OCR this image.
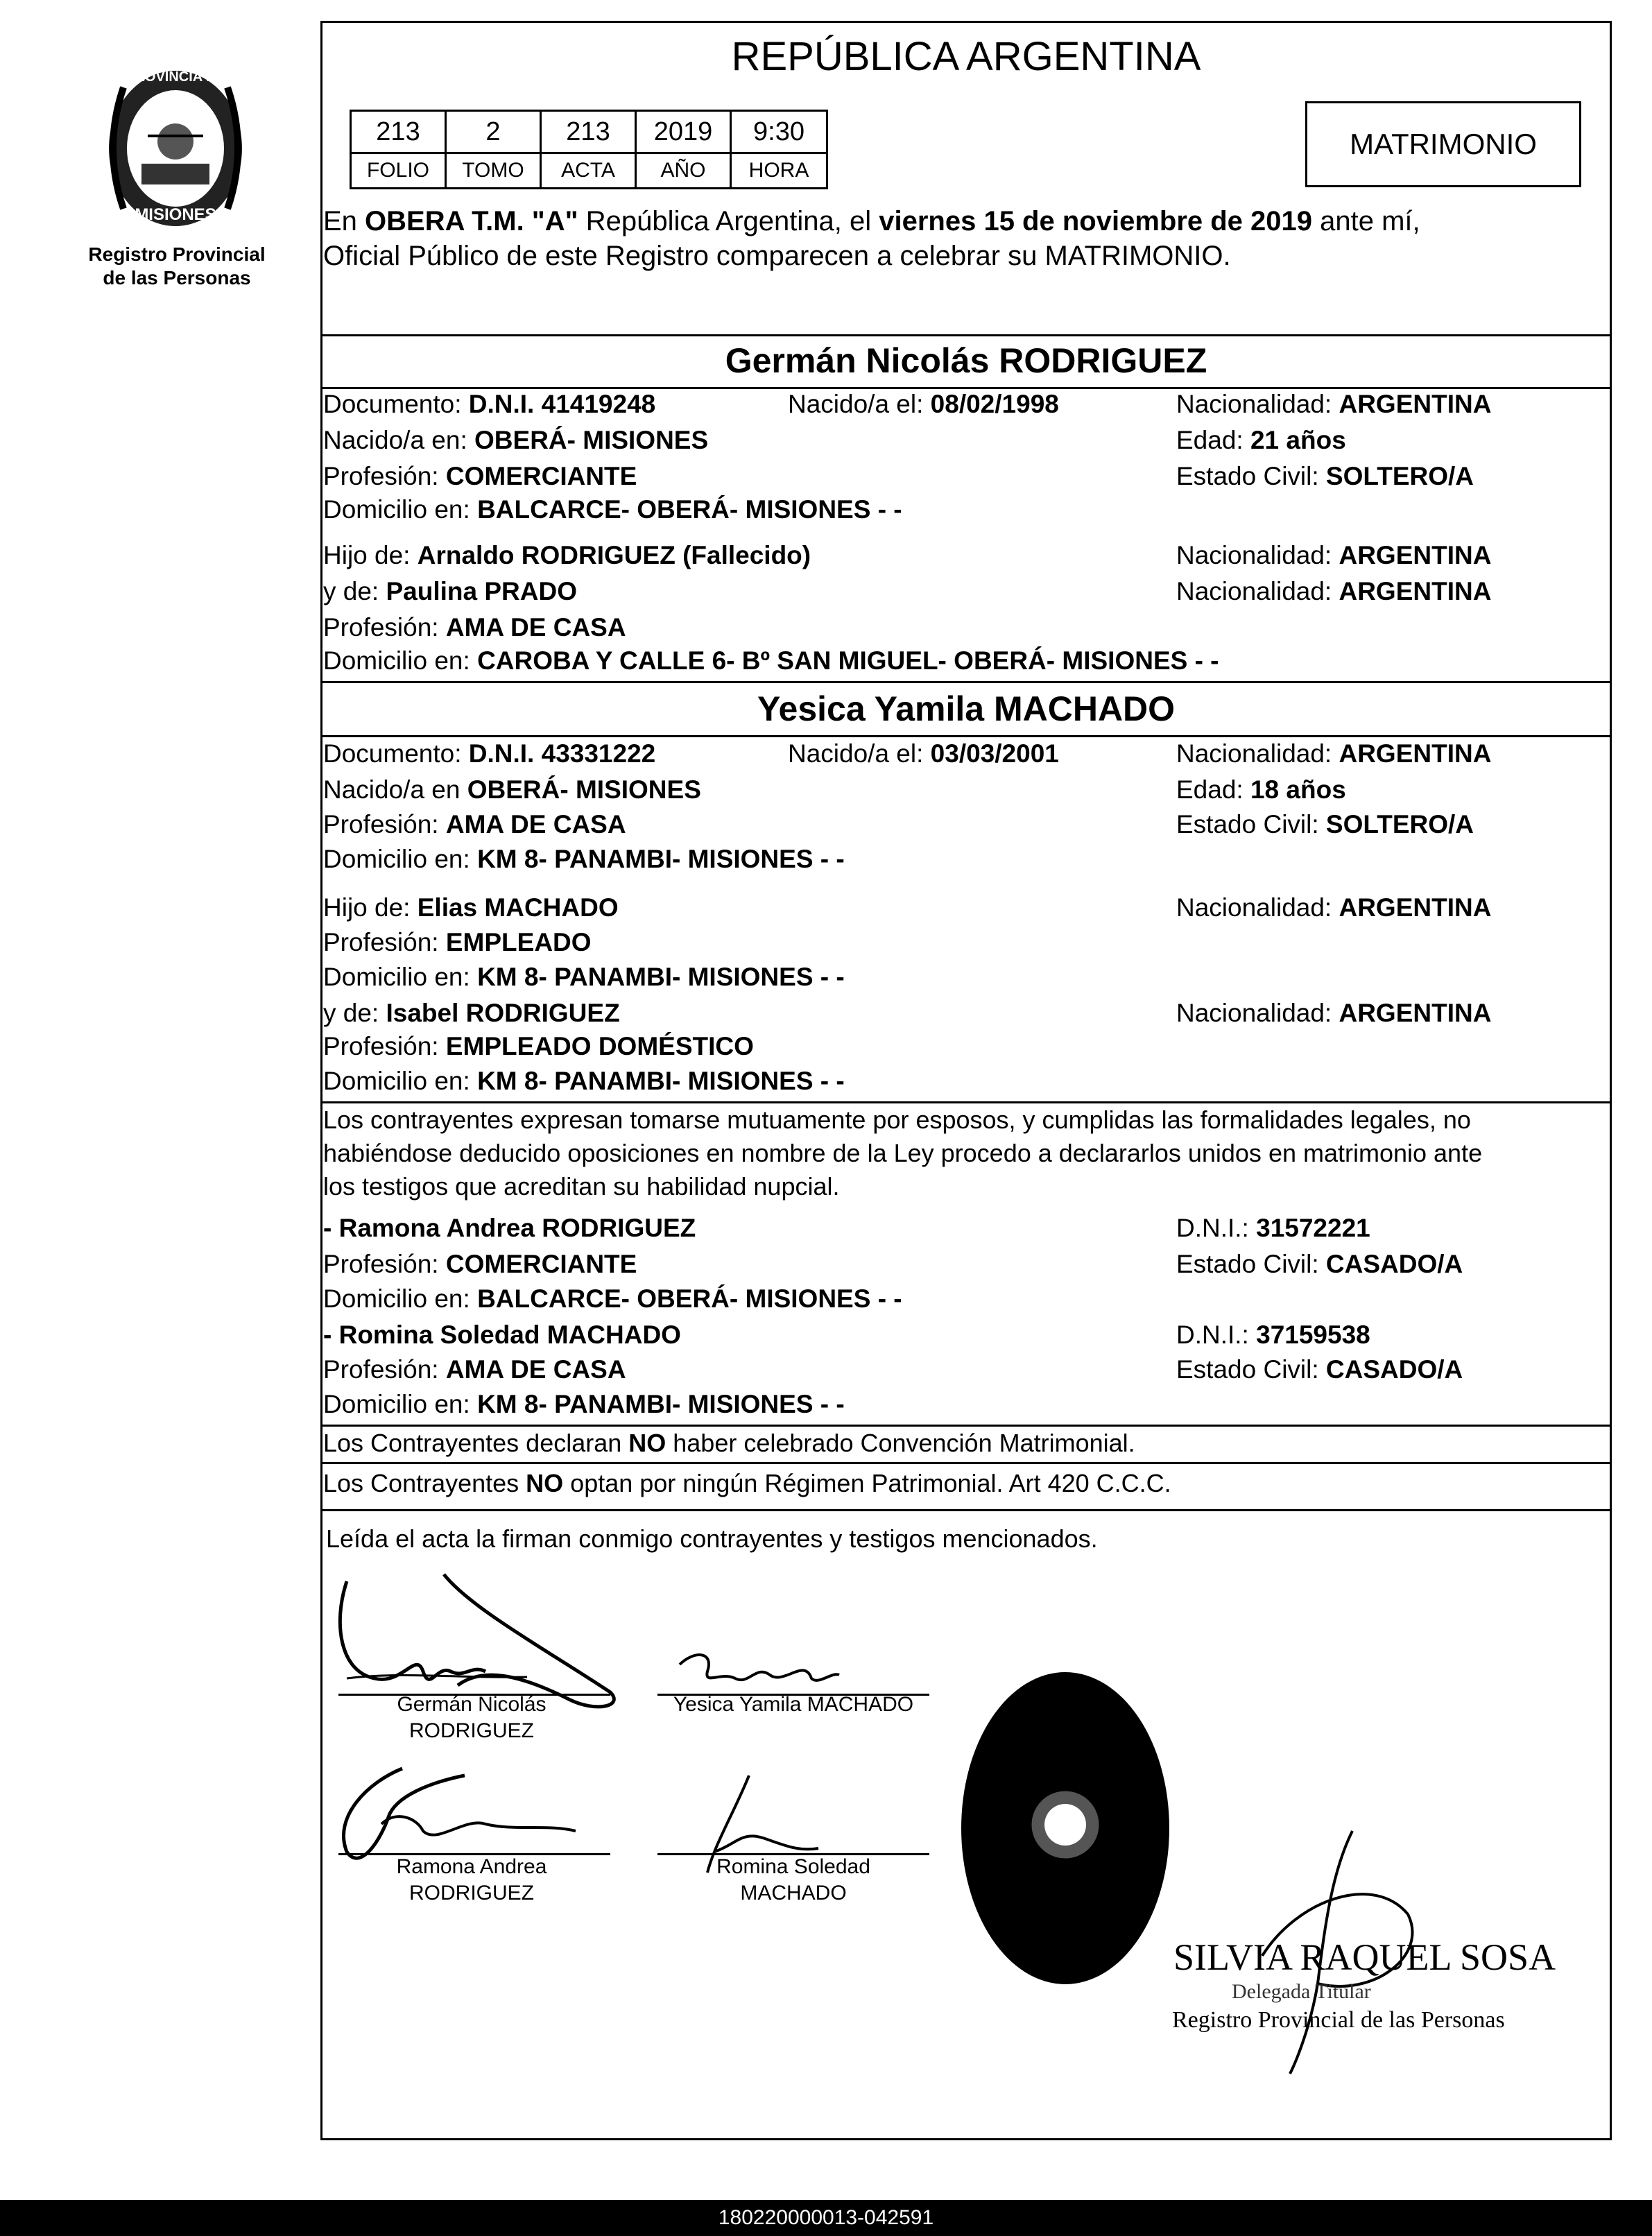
PROVINCIA DE
MISIONES
Registro Provincial
de las Personas
REPÚBLICA ARGENTINA
213	2	213	2019	9:30
FOLIO	TOMO	ACTA	AÑO	HORA
MATRIMONIO
En OBERA T.M. "A" República Argentina, el viernes 15 de noviembre de 2019 ante mí,
Oficial Público de este Registro comparecen a celebrar su MATRIMONIO.
Germán Nicolás RODRIGUEZ
Documento: D.N.I. 41419248	Nacido/a el: 08/02/1998	Nacionalidad: ARGENTINA
Nacido/a en: OBERÁ- MISIONES	Edad: 21 años
Profesión: COMERCIANTE	Estado Civil: SOLTERO/A
Domicilio en: BALCARCE- OBERÁ- MISIONES - -
Hijo de: Arnaldo RODRIGUEZ (Fallecido)	Nacionalidad: ARGENTINA
y de: Paulina PRADO	Nacionalidad: ARGENTINA
Profesión: AMA DE CASA
Domicilio en: CAROBA Y CALLE 6- Bº SAN MIGUEL- OBERÁ- MISIONES - -
Yesica Yamila MACHADO
Documento: D.N.I. 43331222	Nacido/a el: 03/03/2001	Nacionalidad: ARGENTINA
Nacido/a en OBERÁ- MISIONES	Edad: 18 años
Profesión: AMA DE CASA	Estado Civil: SOLTERO/A
Domicilio en: KM 8- PANAMBI- MISIONES - -
Hijo de: Elias MACHADO	Nacionalidad: ARGENTINA
Profesión: EMPLEADO
Domicilio en: KM 8- PANAMBI- MISIONES - -
y de: Isabel RODRIGUEZ	Nacionalidad: ARGENTINA
Profesión: EMPLEADO DOMÉSTICO
Domicilio en: KM 8- PANAMBI- MISIONES - -
Los contrayentes expresan tomarse mutuamente por esposos, y cumplidas las formalidades legales, no
habiéndose deducido oposiciones en nombre de la Ley procedo a declararlos unidos en matrimonio ante
los testigos que acreditan su habilidad nupcial.
- Ramona Andrea RODRIGUEZ	D.N.I.: 31572221
Profesión: COMERCIANTE	Estado Civil: CASADO/A
Domicilio en: BALCARCE- OBERÁ- MISIONES - -
- Romina Soledad MACHADO	D.N.I.: 37159538
Profesión: AMA DE CASA	Estado Civil: CASADO/A
Domicilio en: KM 8- PANAMBI- MISIONES - -
Los Contrayentes declaran NO haber celebrado Convención Matrimonial.
Los Contrayentes NO optan por ningún Régimen Patrimonial. Art 420 C.C.C.
Leída el acta la firman conmigo contrayentes y testigos mencionados.
Germán Nicolás
RODRIGUEZ
Yesica Yamila MACHADO
Ramona Andrea
RODRIGUEZ
Romina Soledad
MACHADO
OBERÁ SILVIA RAQUEL SOSA
Delegada Titular
Registro Provincial de las Personas
180220000013-042591
